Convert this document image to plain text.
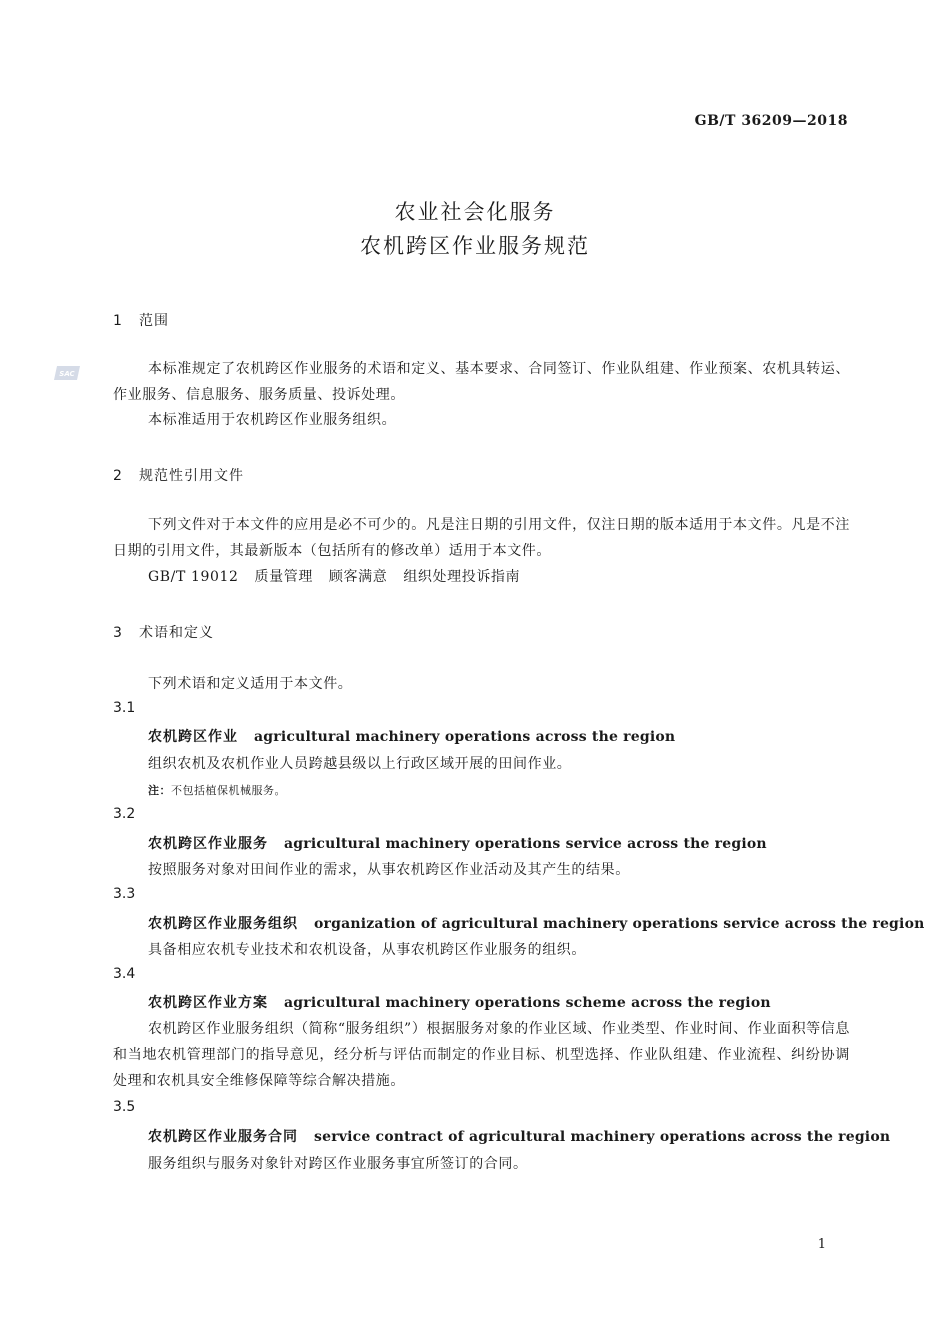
GB/T 36209—2018
农业社会化服务
农机跨区作业服务规范
SAC
1 范围
本标准规定了农机跨区作业服务的术语和定义、基本要求、合同签订、作业队组建、作业预案、农机具转运、作业服务、信息服务、服务质量、投诉处理。
本标准适用于农机跨区作业服务组织。
2 规范性引用文件
下列文件对于本文件的应用是必不可少的。凡是注日期的引用文件，仅注日期的版本适用于本文件。凡是不注日期的引用文件，其最新版本（包括所有的修改单）适用于本文件。
GB/T 19012 质量管理 顾客满意 组织处理投诉指南
3 术语和定义
下列术语和定义适用于本文件。
3.1
农机跨区作业 agricultural machinery operations across the region
组织农机及农机作业人员跨越县级以上行政区域开展的田间作业。
注：不包括植保机械服务。
3.2
农机跨区作业服务 agricultural machinery operations service across the region
按照服务对象对田间作业的需求，从事农机跨区作业活动及其产生的结果。
3.3
农机跨区作业服务组织 organization of agricultural machinery operations service across the region
具备相应农机专业技术和农机设备，从事农机跨区作业服务的组织。
3.4
农机跨区作业方案 agricultural machinery operations scheme across the region
农机跨区作业服务组织（简称“服务组织”）根据服务对象的作业区域、作业类型、作业时间、作业面积等信息和当地农机管理部门的指导意见，经分析与评估而制定的作业目标、机型选择、作业队组建、作业流程、纠纷协调处理和农机具安全维修保障等综合解决措施。
3.5
农机跨区作业服务合同 service contract of agricultural machinery operations across the region
服务组织与服务对象针对跨区作业服务事宜所签订的合同。
1
